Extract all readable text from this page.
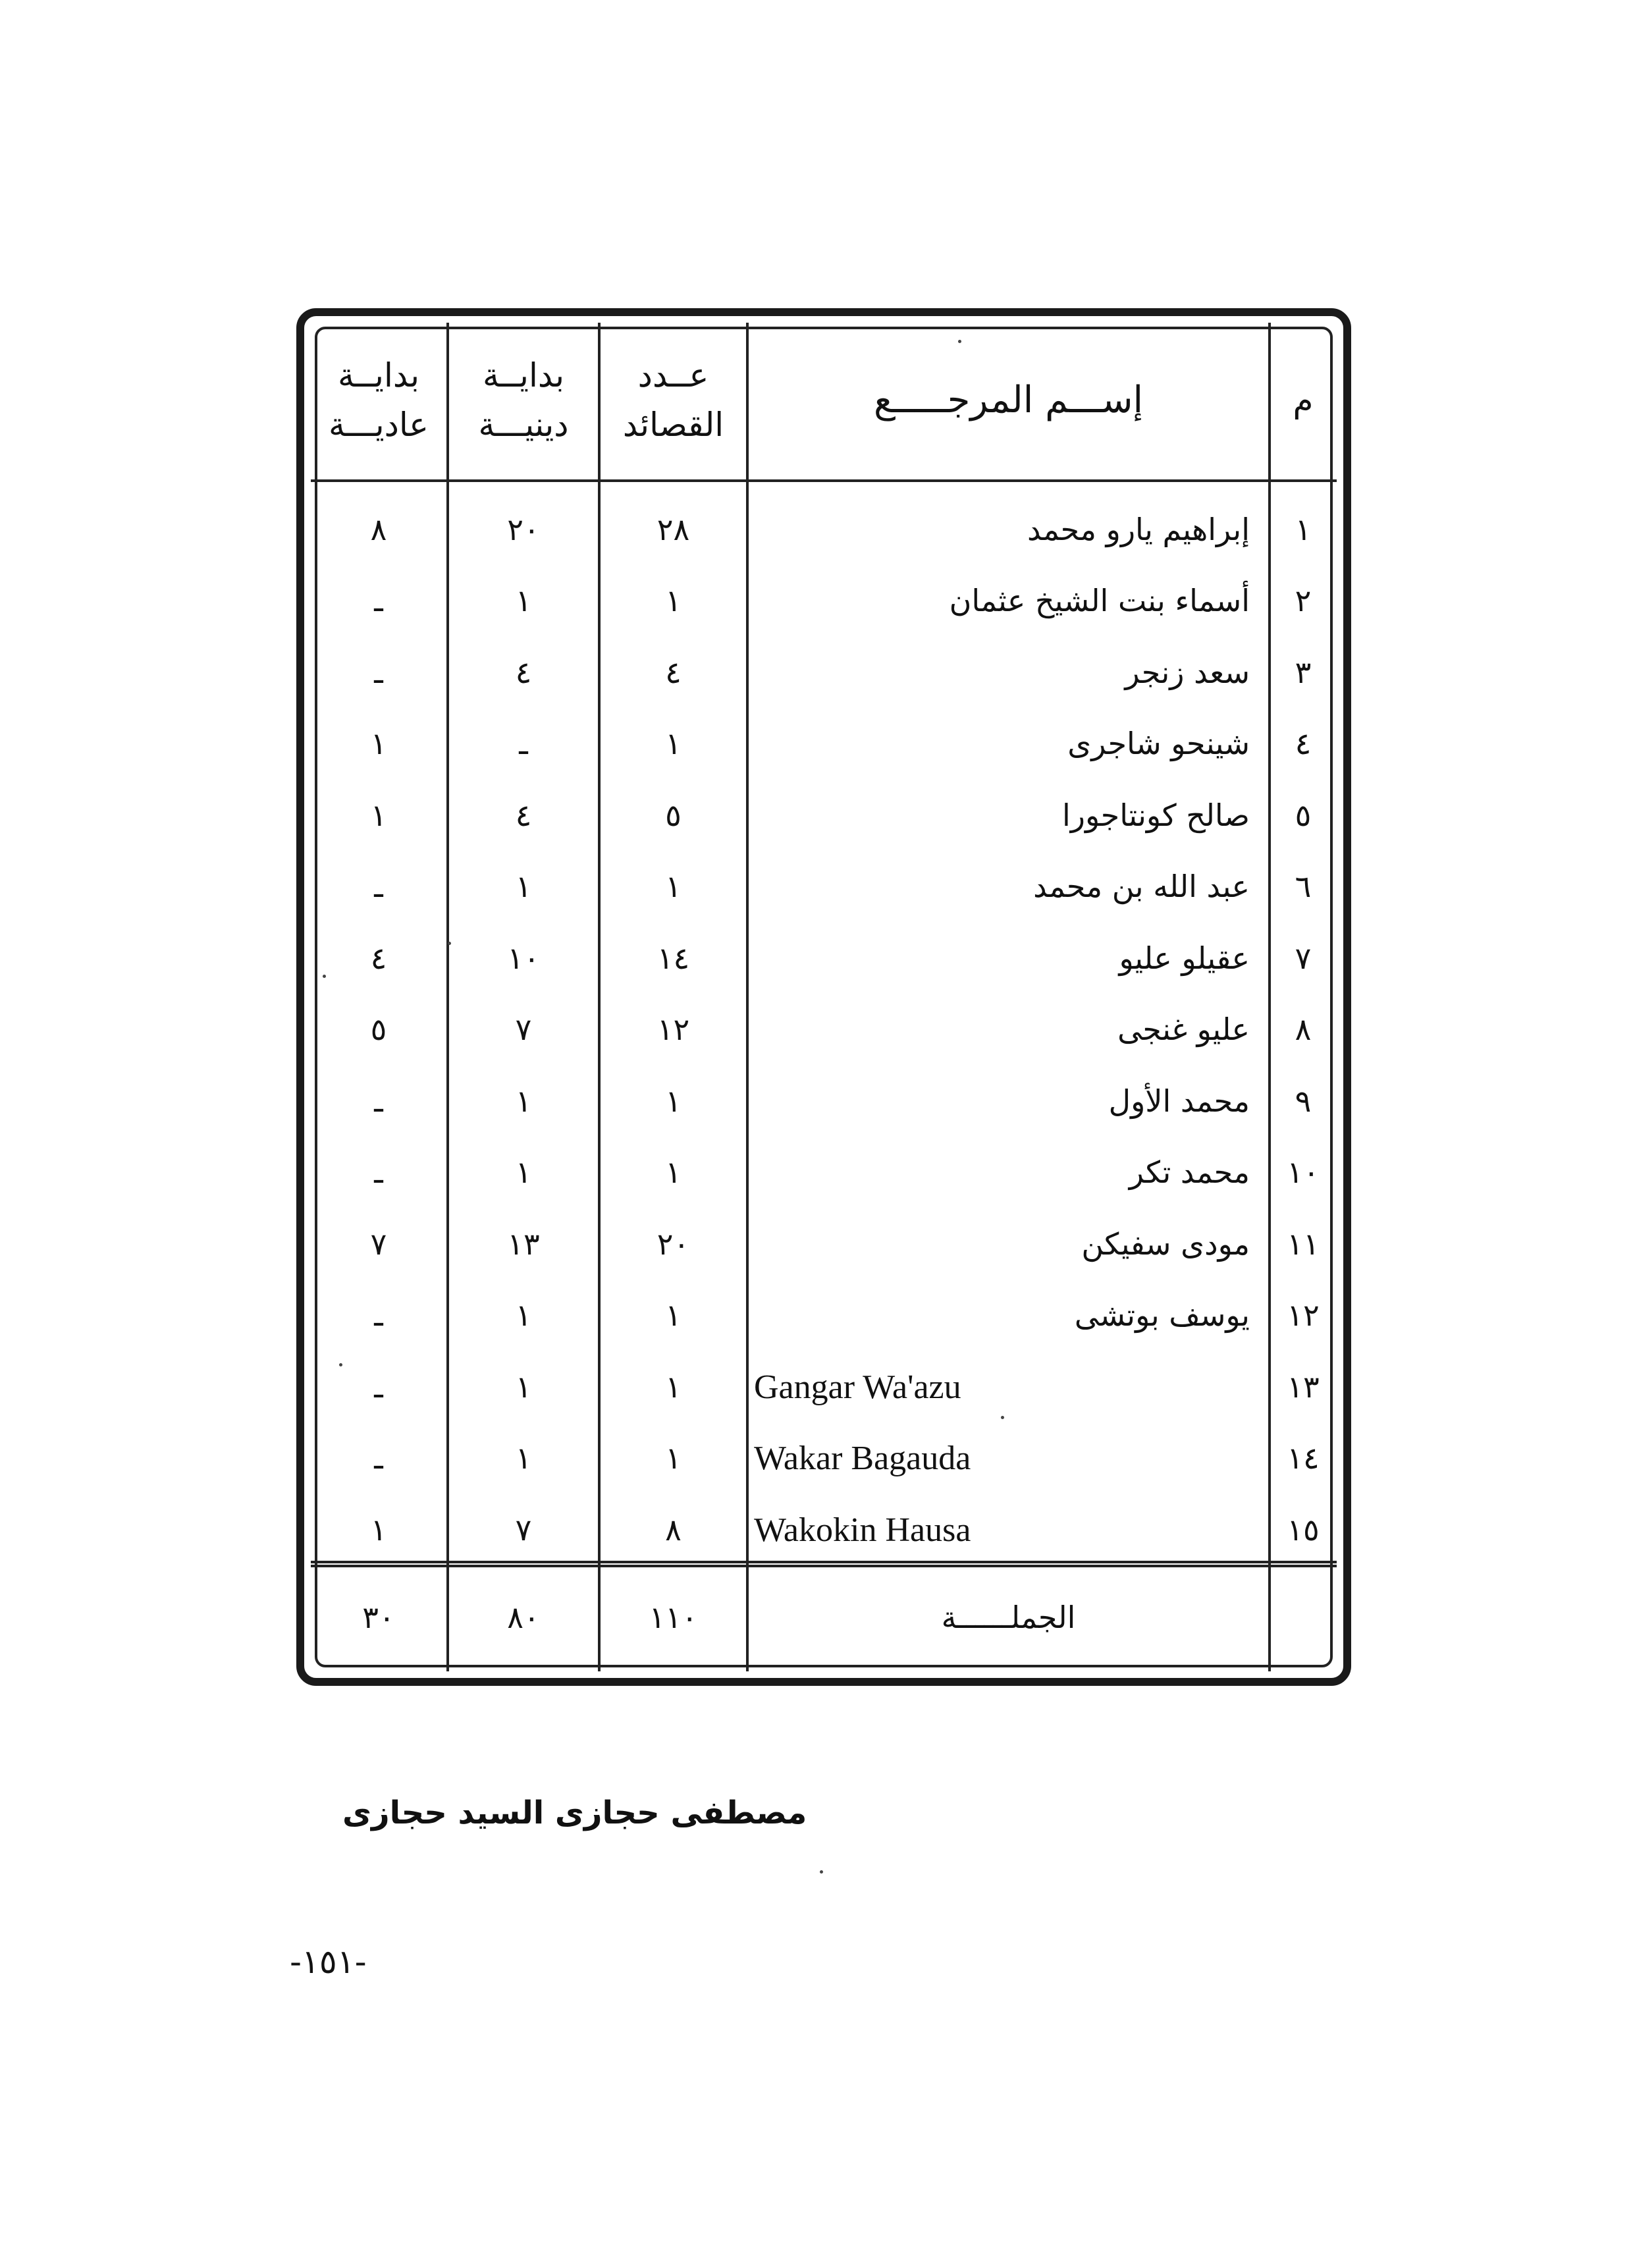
م
إســـم المرجـــــع
عــدد
القصائد
بدايــة
دينيـــة
بدايــة
عاديـــة
١
إبراهيم يارو محمد
٢٨
٢٠
٨
٢
أسماء بنت الشيخ عثمان
١
١
ـ
٣
سعد زنجر
٤
٤
ـ
٤
شينحو شاجرى
١
ـ
١
٥
صالح كونتاجورا
٥
٤
١
٦
عبد الله بن محمد
١
١
ـ
٧
عقيلو عليو
١٤
١٠
٤
٨
عليو غنجى
١٢
٧
٥
٩
محمد الأول
١
١
ـ
١٠
محمد تكر
١
١
ـ
١١
مودى سفيكن
٢٠
١٣
٧
١٢
يوسف بوتشى
١
١
ـ
١٣
Gangar Wa'azu
١
١
ـ
١٤
Wakar Bagauda
١
١
ـ
١٥
Wakokin Hausa
٨
٧
١
الجملــــــة
١١٠
٨٠
٣٠
مصطفى حجازى السيد حجازى
-١٥١-
